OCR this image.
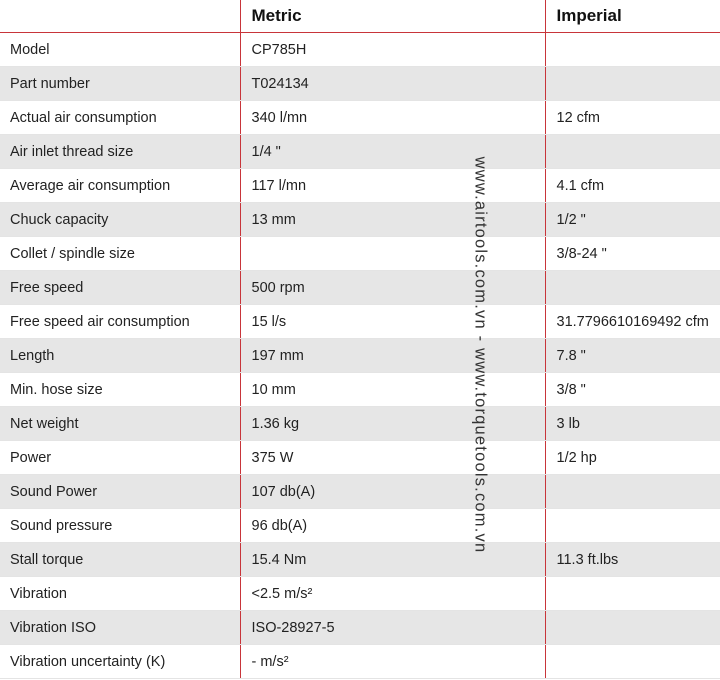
	Metric	Imperial
Model	CP785H	
Part number	T024134	
Actual air consumption	340 l/mn	12 cfm
Air inlet thread size	1/4 "	
Average air consumption	117 l/mn	4.1 cfm
Chuck capacity	13 mm	1/2 "
Collet / spindle size		3/8-24 "
Free speed	500 rpm	
Free speed air consumption	15 l/s	31.7796610169492 cfm
Length	197 mm	7.8 "
Min. hose size	10 mm	3/8 "
Net weight	1.36 kg	3 lb
Power	375 W	1/2 hp
Sound Power	107 db(A)	
Sound pressure	96 db(A)	
Stall torque	15.4 Nm	11.3 ft.lbs
Vibration	<2.5 m/s²	
Vibration ISO	ISO-28927-5	
Vibration uncertainty (K)	- m/s²	
www.airtools.com.vn - www.torquetools.com.vn
